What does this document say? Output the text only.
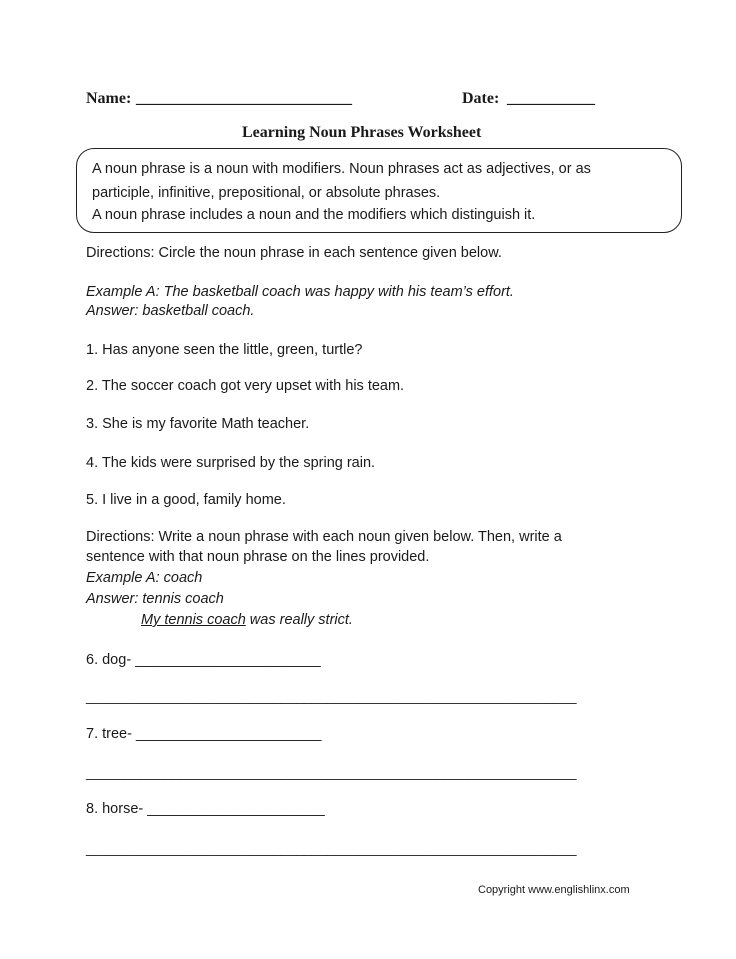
Name: ___________________________	Date: ___________
Learning Noun Phrases Worksheet
A noun phrase is a noun with modifiers. Noun phrases act as adjectives, or as
participle, infinitive, prepositional, or absolute phrases.
A noun phrase includes a noun and the modifiers which distinguish it.
Directions: Circle the noun phrase in each sentence given below.
Example A: The basketball coach was happy with his team’s effort.
Answer: basketball coach.
1. Has anyone seen the little, green, turtle?
2. The soccer coach got very upset with his team.
3. She is my favorite Math teacher.
4. The kids were surprised by the spring rain.
5. I live in a good, family home.
Directions: Write a noun phrase with each noun given below. Then, write a
sentence with that noun phrase on the lines provided.
Example A: coach
Answer: tennis coach
My tennis coach was really strict.
6. dog- _______________________
_______________________________________________________________
7. tree- _______________________
_______________________________________________________________
8. horse- ______________________
_______________________________________________________________
Copyright www.englishlinx.com
